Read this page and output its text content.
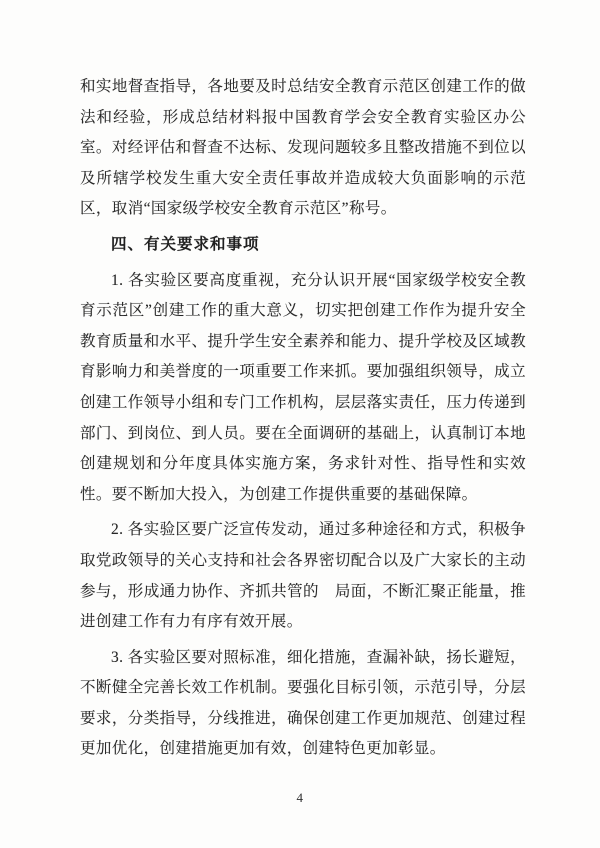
和实地督查指导，各地要及时总结安全教育示范区创建工作的做法和经验，形成总结材料报中国教育学会安全教育实验区办公室。对经评估和督查不达标、发现问题较多且整改措施不到位以及所辖学校发生重大安全责任事故并造成较大负面影响的示范区，取消“国家级学校安全教育示范区”称号。

四、有关要求和事项

1. 各实验区要高度重视，充分认识开展“国家级学校安全教育示范区”创建工作的重大意义，切实把创建工作作为提升安全教育质量和水平、提升学生安全素养和能力、提升学校及区域教育影响力和美誉度的一项重要工作来抓。要加强组织领导，成立创建工作领导小组和专门工作机构，层层落实责任，压力传递到部门、到岗位、到人员。要在全面调研的基础上，认真制订本地创建规划和分年度具体实施方案，务求针对性、指导性和实效性。要不断加大投入，为创建工作提供重要的基础保障。

2. 各实验区要广泛宣传发动，通过多种途径和方式，积极争取党政领导的关心支持和社会各界密切配合以及广大家长的主动参与，形成通力协作、齐抓共管的　局面，不断汇聚正能量，推进创建工作有力有序有效开展。

3. 各实验区要对照标准，细化措施，查漏补缺，扬长避短，不断健全完善长效工作机制。要强化目标引领，示范引导，分层要求，分类指导，分线推进，确保创建工作更加规范、创建过程更加优化，创建措施更加有效，创建特色更加彰显。

4
